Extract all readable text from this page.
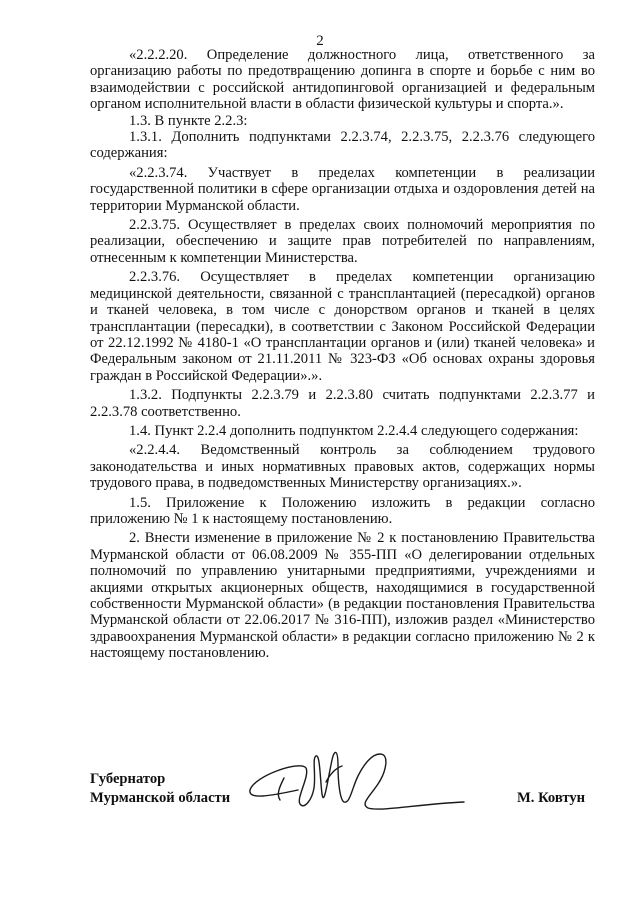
2

«2.2.2.20. Определение должностного лица, ответственного за организацию работы по предотвращению допинга в спорте и борьбе с ним во взаимодействии с российской антидопинговой организацией и федеральным органом исполнительной власти в области физической культуры и спорта.».

1.3. В пункте 2.2.3:

1.3.1. Дополнить подпунктами 2.2.3.74, 2.2.3.75, 2.2.3.76 следующего содержания:

«2.2.3.74. Участвует в пределах компетенции в реализации государственной политики в сфере организации отдыха и оздоровления детей на территории Мурманской области.

2.2.3.75. Осуществляет в пределах своих полномочий мероприятия по реализации, обеспечению и защите прав потребителей по направлениям, отнесенным к компетенции Министерства.

2.2.3.76. Осуществляет в пределах компетенции организацию медицинской деятельности, связанной с трансплантацией (пересадкой) органов и тканей человека, в том числе с донорством органов и тканей в целях трансплантации (пересадки), в соответствии с Законом Российской Федерации от 22.12.1992 № 4180-1 «О трансплантации органов и (или) тканей человека» и Федеральным законом от 21.11.2011 № 323-ФЗ «Об основах охраны здоровья граждан в Российской Федерации».».

1.3.2. Подпункты 2.2.3.79 и 2.2.3.80 считать подпунктами 2.2.3.77 и 2.2.3.78 соответственно.

1.4. Пункт 2.2.4 дополнить подпунктом 2.2.4.4 следующего содержания:

«2.2.4.4. Ведомственный контроль за соблюдением трудового законодательства и иных нормативных правовых актов, содержащих нормы трудового права, в подведомственных Министерству организациях.».

1.5. Приложение к Положению изложить в редакции согласно приложению № 1 к настоящему постановлению.

2. Внести изменение в приложение № 2 к постановлению Правительства Мурманской области от 06.08.2009 № 355-ПП «О делегировании отдельных полномочий по управлению унитарными предприятиями, учреждениями и акциями открытых акционерных обществ, находящимися в государственной собственности Мурманской области» (в редакции постановления Правительства Мурманской области от 22.06.2017 № 316-ПП), изложив раздел «Министерство здравоохранения Мурманской области» в редакции согласно приложению № 2 к настоящему постановлению.

Губернатор
Мурманской области	М. Ковтун
